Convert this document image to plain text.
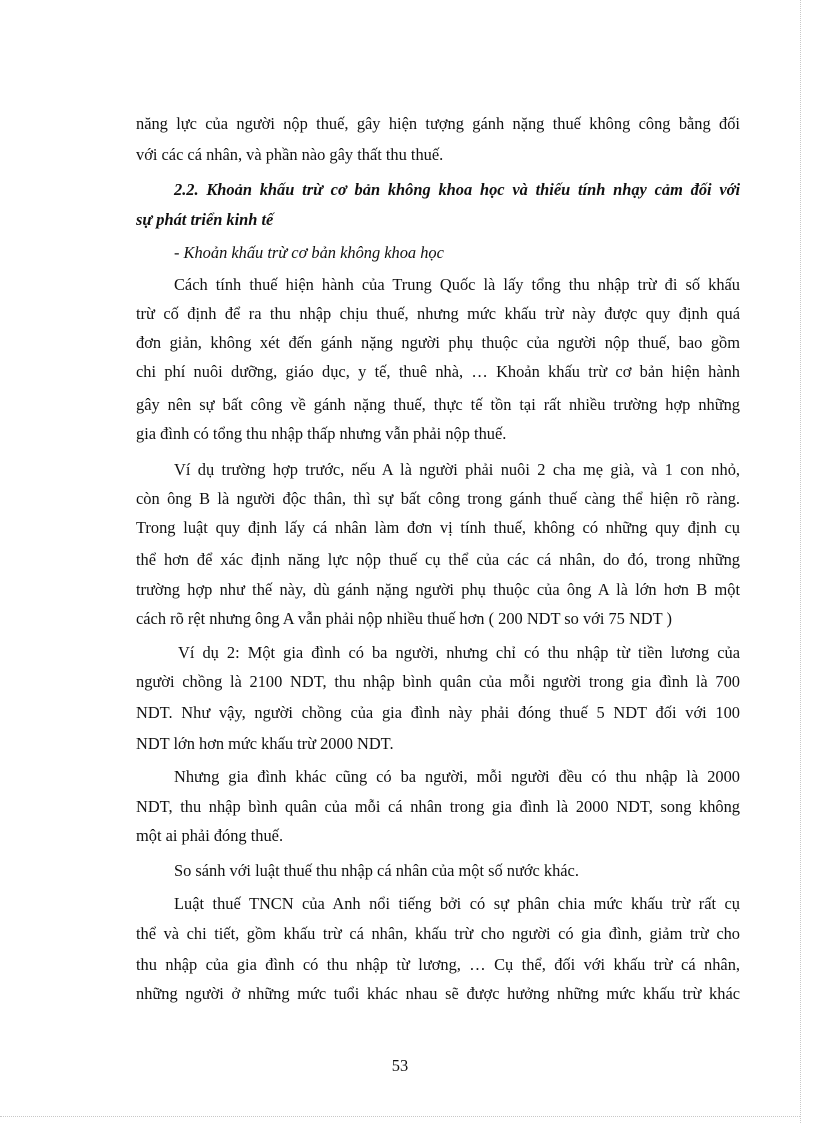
năng lực của người nộp thuế, gây hiện tượng gánh nặng thuế không công bằng đối
với các cá nhân, và phần nào gây thất thu thuế.
2.2. Khoản khấu trừ cơ bản không khoa học và thiếu tính nhạy cảm đối với
sự phát triển kinh tế
- Khoản khấu trừ cơ bản không khoa học
Cách tính thuế hiện hành của Trung Quốc là lấy tổng thu nhập trừ đi số khấu
trừ cố định để ra thu nhập chịu thuế, nhưng mức khấu trừ này được quy định quá
đơn giản, không xét đến gánh nặng người phụ thuộc của người nộp thuế, bao gồm
chi phí nuôi dưỡng, giáo dục, y tế, thuê nhà, … Khoản khấu trừ cơ bản hiện hành
gây nên sự bất công về gánh nặng thuế, thực tế tồn tại rất nhiều trường hợp những
gia đình có tổng thu nhập thấp nhưng vẫn phải nộp thuế.
Ví dụ trường hợp trước, nếu A là người phải nuôi 2 cha mẹ già, và 1 con nhỏ,
còn ông B là người độc thân, thì sự bất công trong gánh thuế càng thể hiện rõ ràng.
Trong luật quy định lấy cá nhân làm đơn vị tính thuế, không có những quy định cụ
thể hơn để xác định năng lực nộp thuế cụ thể của các cá nhân, do đó, trong những
trường hợp như thế này, dù gánh nặng người phụ thuộc của ông A là lớn hơn B một
cách rõ rệt nhưng ông A vẫn phải nộp nhiều thuế hơn ( 200 NDT so với 75 NDT )
Ví dụ 2: Một gia đình có ba người, nhưng chỉ có thu nhập từ tiền lương của
người chồng là 2100 NDT, thu nhập bình quân của mỗi người trong gia đình là 700
NDT. Như vậy, người chồng của gia đình này phải đóng thuế 5 NDT đối với 100
NDT lớn hơn mức khấu trừ 2000 NDT.
Nhưng gia đình khác cũng có ba người, mỗi người đều có thu nhập là 2000
NDT, thu nhập bình quân của mỗi cá nhân trong gia đình là 2000 NDT, song không
một ai phải đóng thuế.
So sánh với luật thuế thu nhập cá nhân của một số nước khác.
Luật thuế TNCN của Anh nổi tiếng bởi có sự phân chia mức khấu trừ rất cụ
thể và chi tiết, gồm khấu trừ cá nhân, khấu trừ cho người có gia đình, giảm trừ cho
thu nhập của gia đình có thu nhập từ lương, … Cụ thể, đối với khấu trừ cá nhân,
những người ở những mức tuổi khác nhau sẽ được hưởng những mức khấu trừ khác
53
